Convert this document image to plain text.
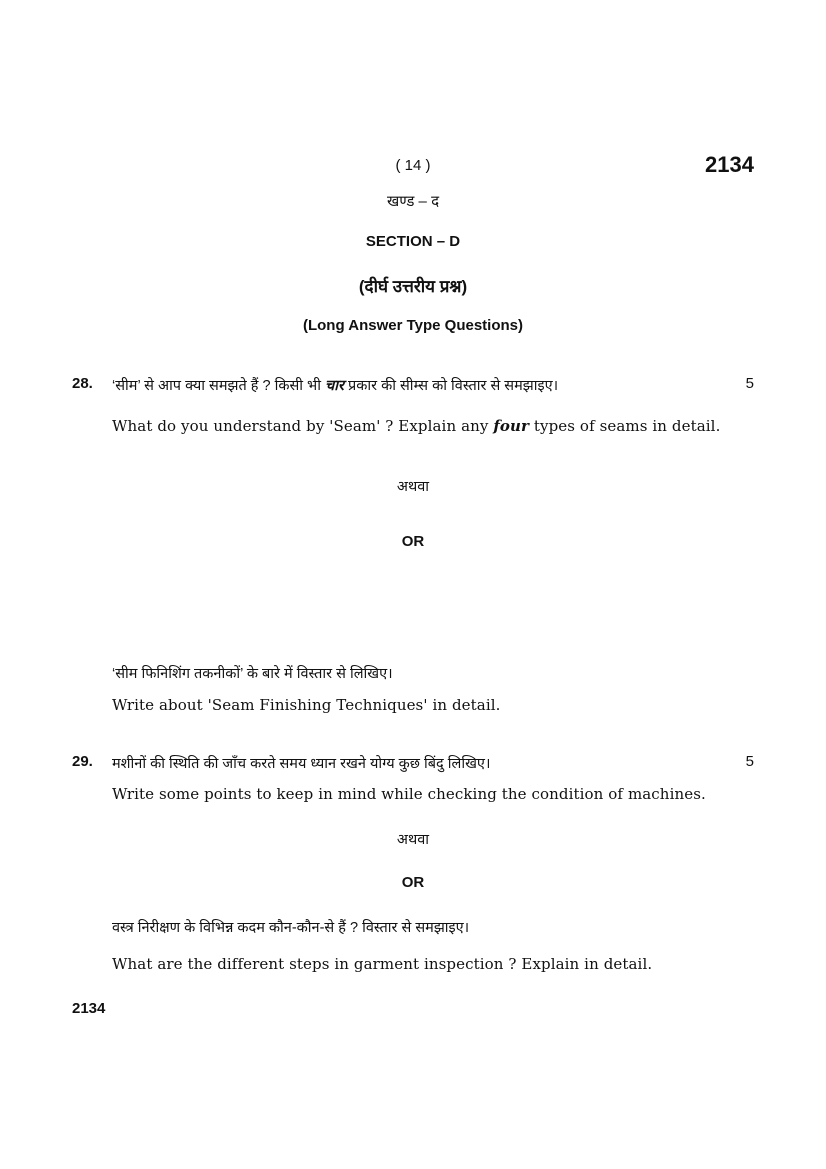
( 14 )	2134
खण्ड – द
SECTION – D
(दीर्घ उत्तरीय प्रश्न)
(Long Answer Type Questions)
28. ‘सीम’ से आप क्या समझते हैं ? किसी भी चार प्रकार की सीम्स को विस्तार से समझाइए।	5
What do you understand by 'Seam' ? Explain any four types of seams in detail.
अथवा
OR
‘सीम फिनिशिंग तकनीकों’ के बारे में विस्तार से लिखिए।
Write about 'Seam Finishing Techniques' in detail.
29. मशीनों की स्थिति की जाँच करते समय ध्यान रखने योग्य कुछ बिंदु लिखिए।	5
Write some points to keep in mind while checking the condition of machines.
अथवा
OR
वस्त्र निरीक्षण के विभिन्न कदम कौन-कौन-से हैं ? विस्तार से समझाइए।
What are the different steps in garment inspection ? Explain in detail.
2134
